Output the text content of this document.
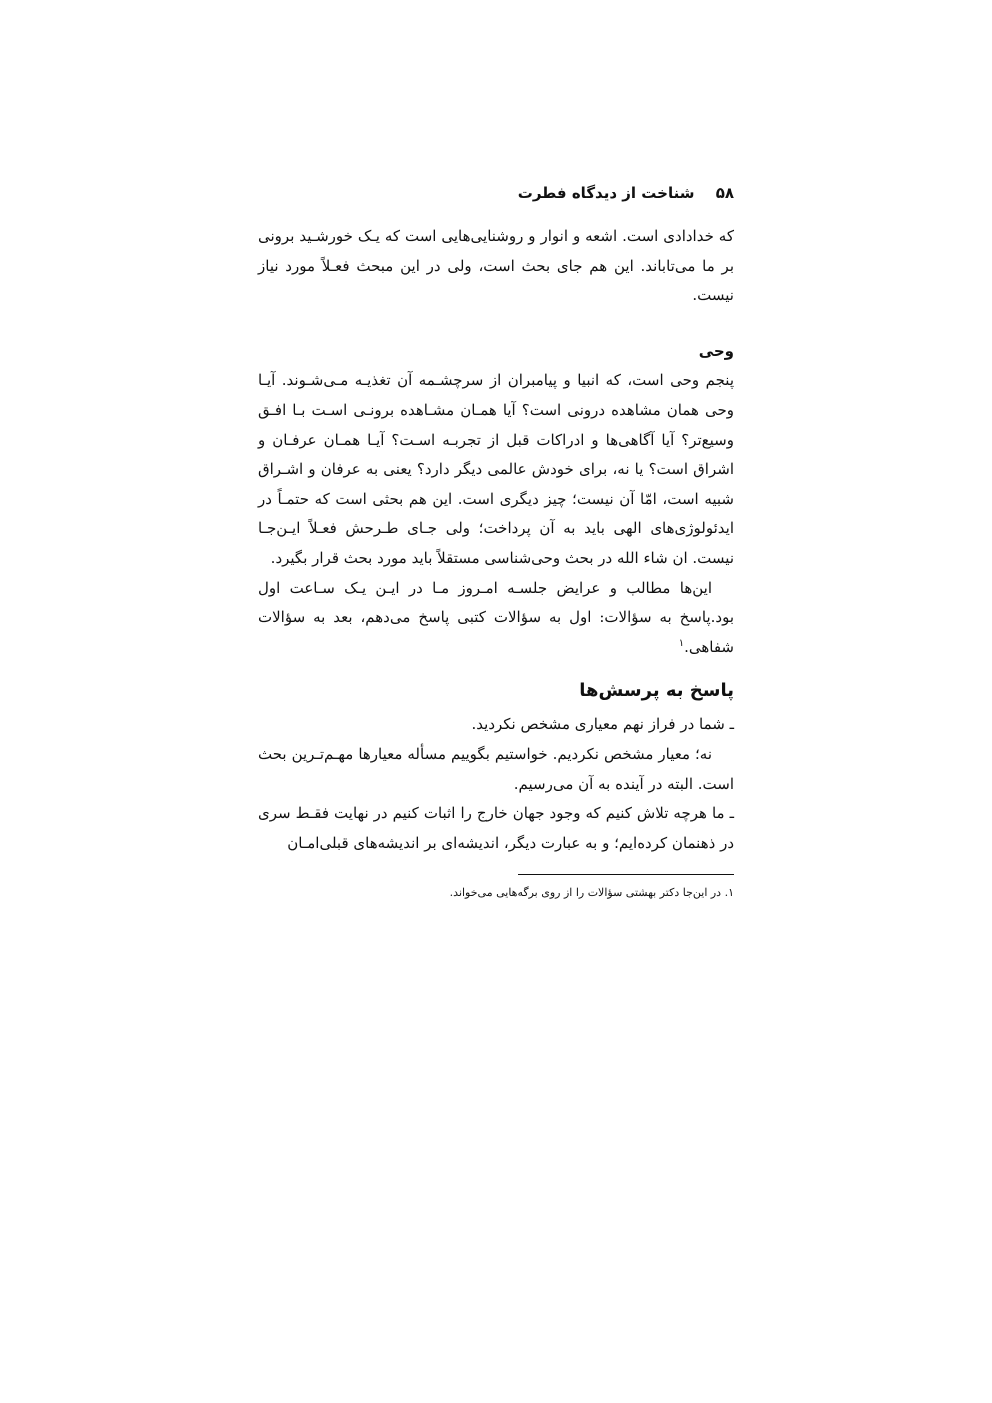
۵۸ شناخت از دیدگاه فطرت

که خدادادی است. اشعه و انوار و روشنایی‌هایی است که یـک خورشـید برونی بر ما می‌تاباند. این هم جای بحث است، ولی در این مبحث فعـلاً مورد نیاز نیست.

وحی

پنجم وحی است، که انبیا و پیامبران از سرچشـمه آن تغذیـه مـی‌شـوند. آیـا وحی همان مشاهده درونی است؟ آیا همـان مشـاهده برونـی اسـت بـا افـق وسیع‌تر؟ آیا آگاهی‌ها و ادراکات قبل از تجربـه اسـت؟ آیـا همـان عرفـان و اشراق است؟ یا نه، برای خودش عالمی دیگر دارد؟ یعنی به عرفان و اشـراق شبیه است، امّا آن نیست؛ چیز دیگری است. این هم بحثی است که حتمـاً در ایدئولوژی‌های الهی باید به آن پرداخت؛ ولی جـای طـرحش فعـلاً ایـن‌جـا نیست. ان شاء الله در بحث وحی‌شناسی مستقلاً باید مورد بحث قرار بگیرد.

این‌ها مطالب و عرایض جلسـه امـروز مـا در ایـن یـک سـاعت اول بود.پاسخ به سؤالات: اول به سؤالات کتبی پاسخ می‌دهم، بعد به سؤالات شفاهی.$^۱$

پاسخ به پرسش‌ها

ـ شما در فراز نهم معیاری مشخص نکردید.

نه؛ معیار مشخص نکردیم. خواستیم بگوییم مسأله معیارها مهـم‌تـرین بحث است. البته در آینده به آن می‌رسیم.

ـ ما هرچه تلاش کنیم که وجود جهان خارج را اثبات کنیم در نهایت فقـط سری در ذهنمان کرده‌ایم؛ و به عبارت دیگر، اندیشه‌ای بر اندیشه‌های قبلی‌امـان

۱. در این‌جا دکتر بهشتی سؤالات را از روی برگه‌هایی می‌خواند.
